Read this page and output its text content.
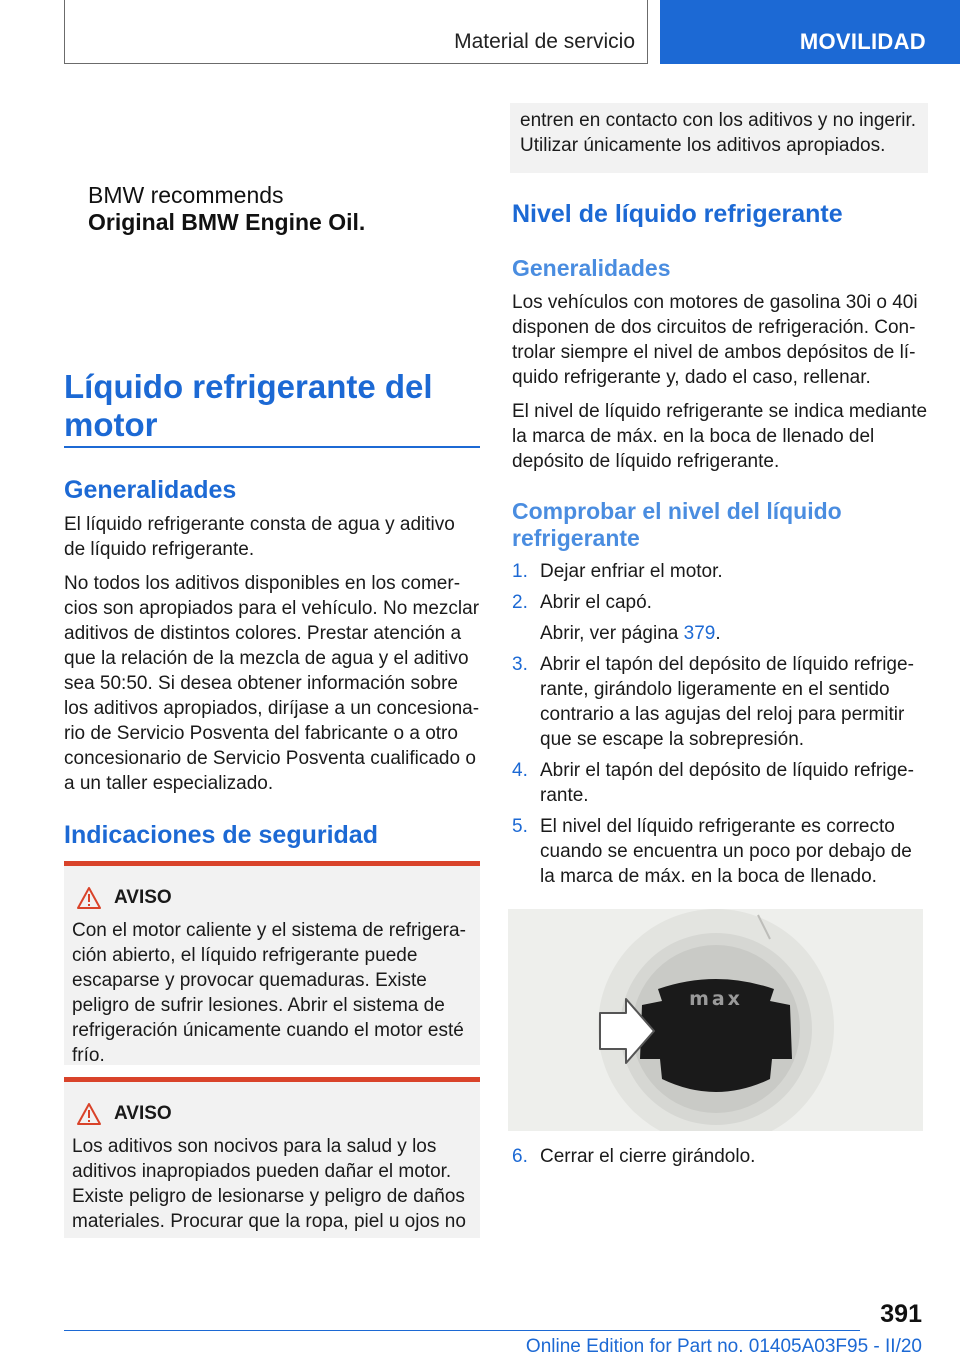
Material de servicio	MOVILIDAD
BMW recommends
Original BMW Engine Oil.
Líquido refrigerante del motor
Generalidades

El líquido refrigerante consta de agua y aditivo de líquido refrigerante.

No todos los aditivos disponibles en los comercios son apropiados para el vehículo. No mezclar aditivos de distintos colores. Prestar atención a que la relación de la mezcla de agua y el aditivo sea 50:50. Si desea obtener información sobre los aditivos apropiados, diríjase a un concesionario de Servicio Posventa del fabricante o a otro concesionario de Servicio Posventa cualificado o a un taller especializado.

Indicaciones de seguridad
AVISO
Con el motor caliente y el sistema de refrigeración abierto, el líquido refrigerante puede escaparse y provocar quemaduras. Existe peligro de sufrir lesiones. Abrir el sistema de refrigeración únicamente cuando el motor esté frío.
AVISO
Los aditivos son nocivos para la salud y los aditivos inapropiados pueden dañar el motor. Existe peligro de lesionarse y peligro de daños materiales. Procurar que la ropa, piel u ojos no
entren en contacto con los aditivos y no ingerir. Utilizar únicamente los aditivos apropiados.
Nivel de líquido refrigerante
Generalidades

Los vehículos con motores de gasolina 30i o 40i disponen de dos circuitos de refrigeración. Controlar siempre el nivel de ambos depósitos de líquido refrigerante y, dado el caso, rellenar.

El nivel de líquido refrigerante se indica mediante la marca de máx. en la boca de llenado del depósito de líquido refrigerante.

Comprobar el nivel del líquido refrigerante
1. Dejar enfriar el motor.
2. Abrir el capó.
Abrir, ver página 379.
3. Abrir el tapón del depósito de líquido refrigerante, girándolo ligeramente en el sentido contrario a las agujas del reloj para permitir que se escape la sobrepresión.
4. Abrir el tapón del depósito de líquido refrigerante.
5. El nivel del líquido refrigerante es correcto cuando se encuentra un poco por debajo de la marca de máx. en la boca de llenado.
max
6. Cerrar el cierre girándolo.
391
Online Edition for Part no. 01405A03F95 - II/20
